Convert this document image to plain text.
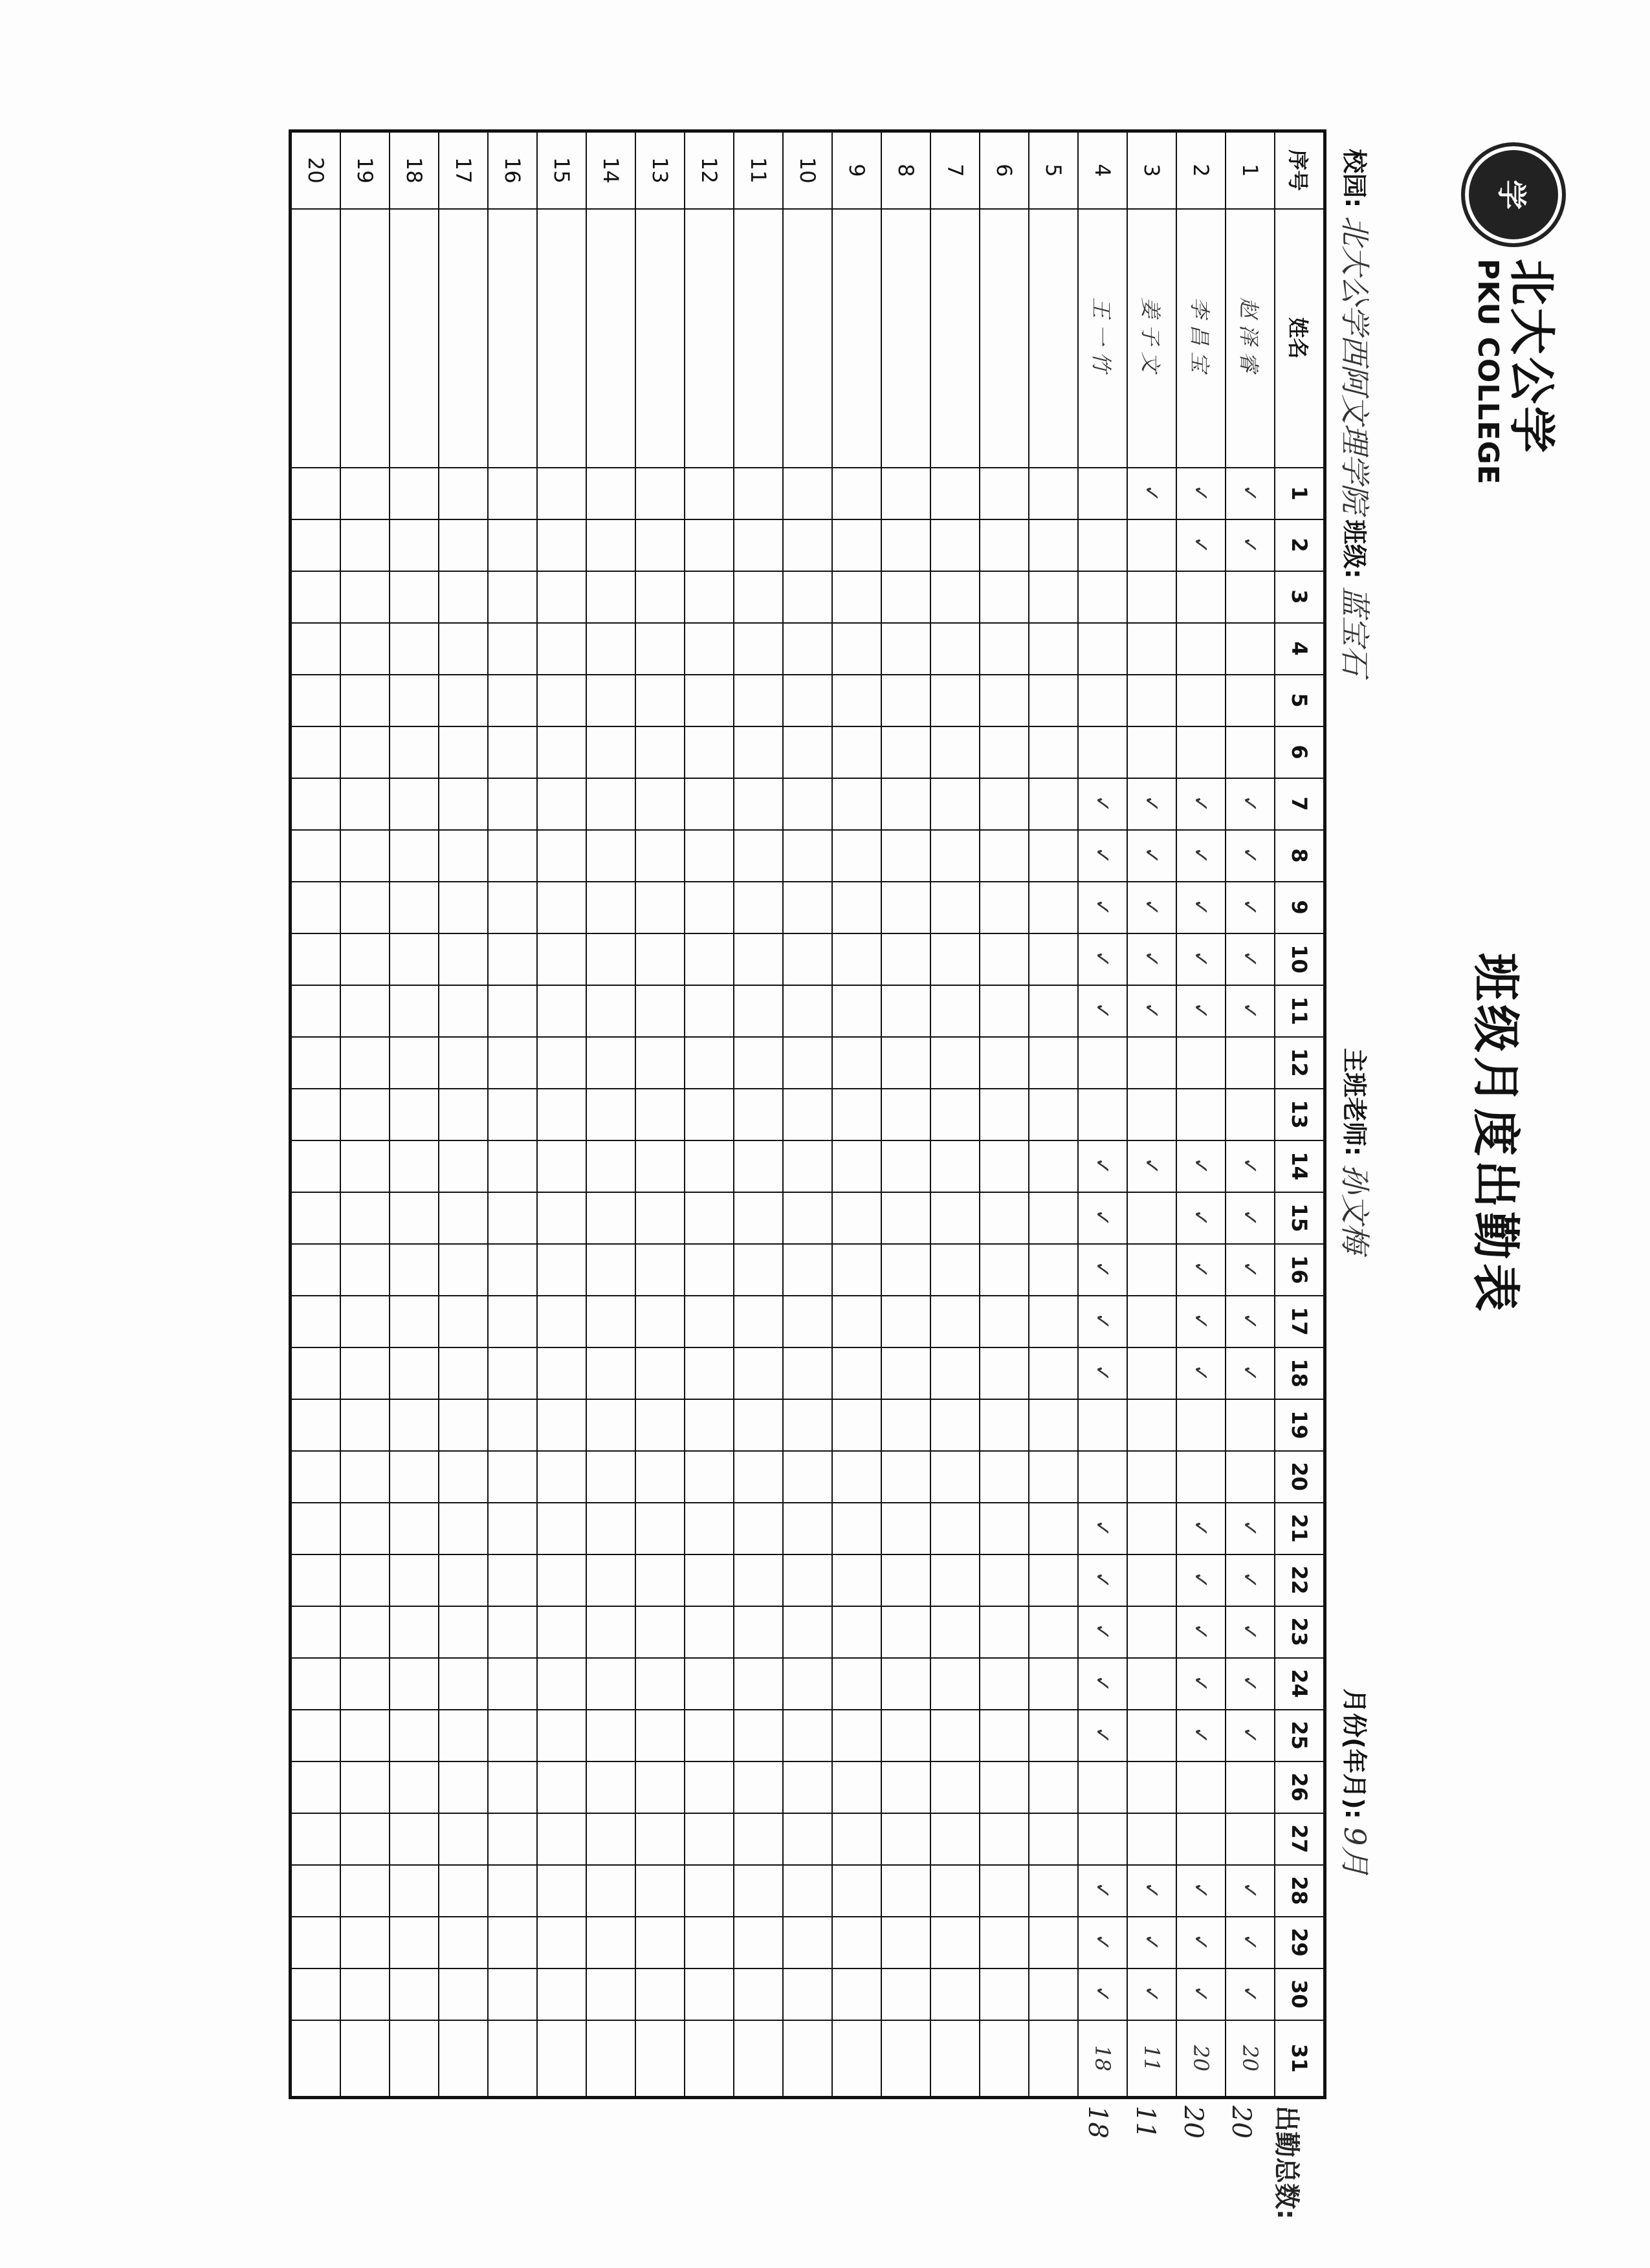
学
北大公学
PKU COLLEGE
班级月度出勤表
校园:
北大公学西阿文理学院
班级:
蓝宝石
主班老师:
孙文梅
月份(年月):
9月
序号	姓名	1	2	3	4	5	6	7	8	9	10	11	12	13	14	15	16	17	18	19	20	21	22	23	24	25	26	27	28	29	30	31
1	赵泽睿	✓	✓					✓	✓	✓	✓	✓			✓	✓	✓	✓	✓			✓	✓	✓	✓	✓			✓	✓	✓	20
2	李昌宝	✓	✓					✓	✓	✓	✓	✓			✓	✓	✓	✓	✓			✓	✓	✓	✓	✓			✓	✓	✓	20
3	姜子文	✓						✓	✓	✓	✓	✓			✓														✓	✓	✓	11
4	王一竹							✓	✓	✓	✓	✓			✓	✓	✓	✓	✓			✓	✓	✓	✓	✓			✓	✓	✓	18
5																																
6																																
7																																
8																																
9																																
10																																
11																																
12																																
13																																
14																																
15																																
16																																
17																																
18																																
19																																
20																																
出勤总数:
20
20
11
18
